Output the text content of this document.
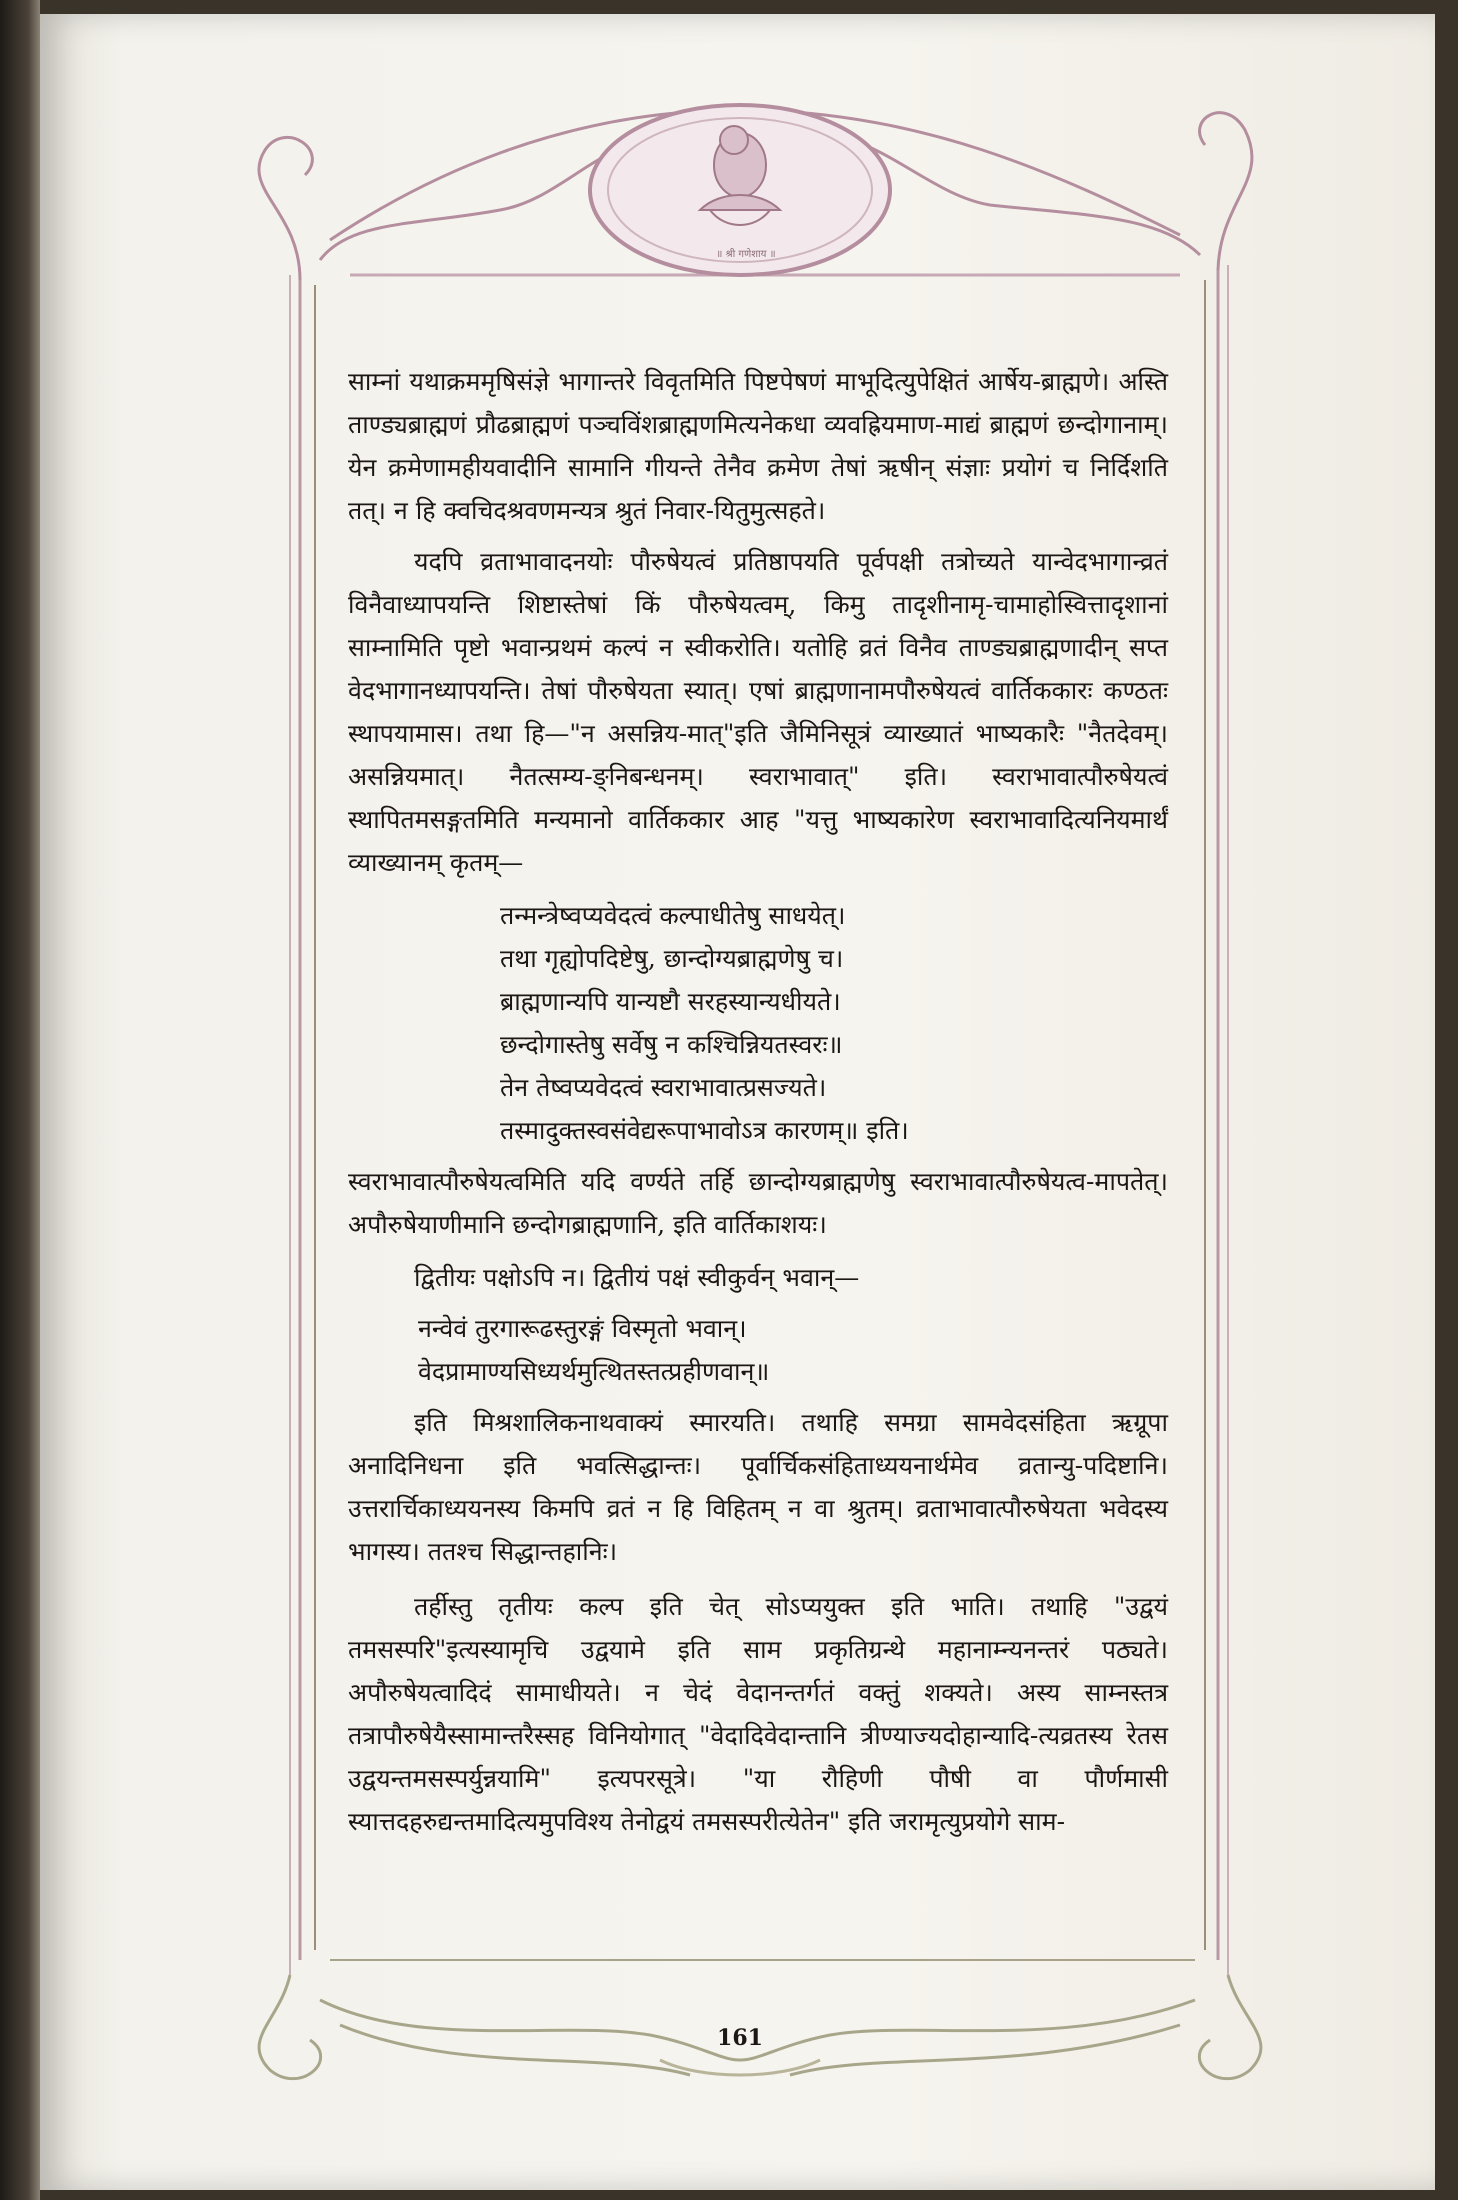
॥ श्री गणेशाय ॥

साम्नां यथाक्रममृषिसंज्ञे भागान्तरे विवृतमिति पिष्टपेषणं माभूदित्युपेक्षितं आर्षेय-ब्राह्मणे। अस्ति ताण्ड्यब्राह्मणं प्रौढब्राह्मणं पञ्चविंशब्राह्मणमित्यनेकधा व्यवह्रियमाण-माद्यं ब्राह्मणं छन्दोगानाम्। येन क्रमेणामहीयवादीनि सामानि गीयन्ते तेनैव क्रमेण तेषां ऋषीन् संज्ञाः प्रयोगं च निर्दिशति तत्। न हि क्वचिदश्रवणमन्यत्र श्रुतं निवार-यितुमुत्सहते।

यदपि व्रताभावादनयोः पौरुषेयत्वं प्रतिष्ठापयति पूर्वपक्षी तत्रोच्यते यान्वेदभागान्व्रतं विनैवाध्यापयन्ति शिष्टास्तेषां किं पौरुषेयत्वम्, किमु तादृशीनामृ-चामाहोस्वित्तादृशानां साम्नामिति पृष्टो भवान्प्रथमं कल्पं न स्वीकरोति। यतोहि व्रतं विनैव ताण्ड्यब्राह्मणादीन् सप्त वेदभागानध्यापयन्ति। तेषां पौरुषेयता स्यात्। एषां ब्राह्मणानामपौरुषेयत्वं वार्तिककारः कण्ठतः स्थापयामास। तथा हि—"न असन्निय-मात्"इति जैमिनिसूत्रं व्याख्यातं भाष्यकारैः "नैतदेवम्। असन्नियमात्। नैतत्सम्य-ङ्निबन्धनम्। स्वराभावात्" इति। स्वराभावात्पौरुषेयत्वं स्थापितमसङ्गतमिति मन्यमानो वार्तिककार आह "यत्तु भाष्यकारेण स्वराभावादित्यनियमार्थं व्याख्यानम् कृतम्—

तन्मन्त्रेष्वप्यवेदत्वं कल्पाधीतेषु साधयेत्।
तथा गृह्योपदिष्टेषु, छान्दोग्यब्राह्मणेषु च।
ब्राह्मणान्यपि यान्यष्टौ सरहस्यान्यधीयते।
छन्दोगास्तेषु सर्वेषु न कश्चिन्नियतस्वरः॥
तेन तेष्वप्यवेदत्वं स्वराभावात्प्रसज्यते।
तस्मादुक्तस्वसंवेद्यरूपाभावोऽत्र कारणम्॥ इति।

स्वराभावात्पौरुषेयत्वमिति यदि वर्ण्यते तर्हि छान्दोग्यब्राह्मणेषु स्वराभावात्पौरुषेयत्व-मापतेत्। अपौरुषेयाणीमानि छन्दोगब्राह्मणानि, इति वार्तिकाशयः।

द्वितीयः पक्षोऽपि न। द्वितीयं पक्षं स्वीकुर्वन् भवान्—

नन्वेवं तुरगारूढस्तुरङ्गं विस्मृतो भवान्।
वेदप्रामाण्यसिध्यर्थमुत्थितस्तत्प्रहीणवान्॥

इति मिश्रशालिकनाथवाक्यं स्मारयति। तथाहि समग्रा सामवेदसंहिता ऋग्रूपा अनादिनिधना इति भवत्सिद्धान्तः। पूर्वार्चिकसंहिताध्ययनार्थमेव व्रतान्यु-पदिष्टानि। उत्तरार्चिकाध्ययनस्य किमपि व्रतं न हि विहितम् न वा श्रुतम्। व्रताभावात्पौरुषेयता भवेदस्य भागस्य। ततश्च सिद्धान्तहानिः।

तर्हीस्तु तृतीयः कल्प इति चेत् सोऽप्ययुक्त इति भाति। तथाहि "उद्वयं तमसस्परि"इत्यस्यामृचि उद्वयामे इति साम प्रकृतिग्रन्थे महानाम्न्यनन्तरं पठ्यते। अपौरुषेयत्वादिदं सामाधीयते। न चेदं वेदानन्तर्गतं वक्तुं शक्यते। अस्य साम्नस्तत्र तत्रापौरुषेयैस्सामान्तरैस्सह विनियोगात् "वेदादिवेदान्तानि त्रीण्याज्यदोहान्यादि-त्यव्रतस्य रेतस उद्वयन्तमसस्पर्युन्नयामि" इत्यपरसूत्रे। "या रौहिणी पौषी वा पौर्णमासी स्यात्तदहरुद्यन्तमादित्यमुपविश्य तेनोद्वयं तमसस्परीत्येतेन" इति जरामृत्युप्रयोगे साम-

161
